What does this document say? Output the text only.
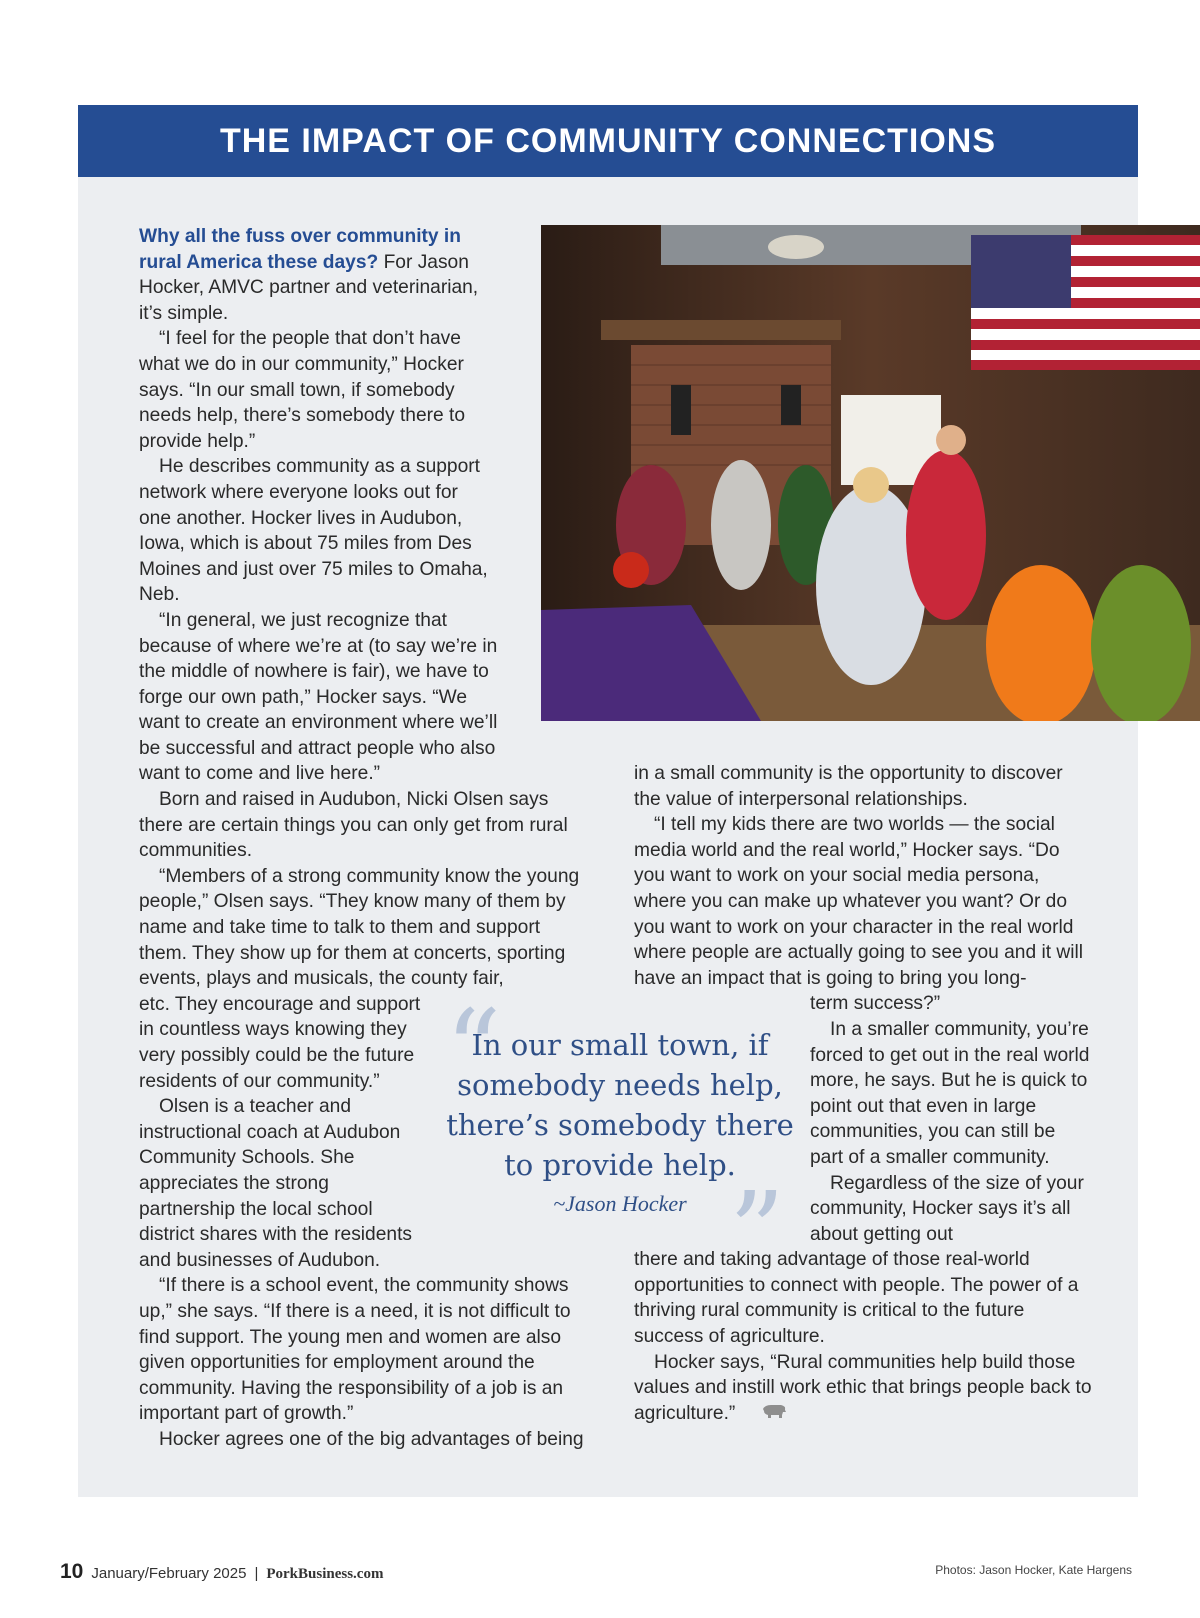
THE IMPACT OF COMMUNITY CONNECTIONS

Why all the fuss over community in rural America these days? For Jason Hocker, AMVC partner and veterinarian, it’s simple.

“I feel for the people that don’t have what we do in our community,” Hocker says. “In our small town, if somebody needs help, there’s somebody there to provide help.”

He describes community as a support network where everyone looks out for one another. Hocker lives in Audubon, Iowa, which is about 75 miles from Des Moines and just over 75 miles to Omaha, Neb.

“In general, we just recognize that because of where we’re at (to say we’re in the middle of nowhere is fair), we have to forge our own path,” Hocker says. “We want to create an environment where we’ll be successful and attract people who also want to come and live here.”

Born and raised in Audubon, Nicki Olsen says there are certain things you can only get from rural communities.

“Members of a strong community know the young people,” Olsen says. “They know many of them by name and take time to talk to them and support them. They show up for them at concerts, sporting events, plays and musicals, the county fair,

etc. They encourage and support in countless ways knowing they very possibly could be the future residents of our community.”

Olsen is a teacher and instructional coach at Audubon Community Schools. She appreciates the strong partnership the local school district shares with the residents and businesses of Audubon.

“If there is a school event, the community shows up,” she says. “If there is a need, it is not difficult to find support. The young men and women are also given opportunities for employment around the community. Having the responsibility of a job is an important part of growth.”

Hocker agrees one of the big advantages of being

in a small community is the opportunity to discover the value of interpersonal relationships.

“I tell my kids there are two worlds — the social media world and the real world,” Hocker says. “Do you want to work on your social media persona, where you can make up whatever you want? Or do you want to work on your character in the real world where people are actually going to see you and it will have an impact that is going to bring you long-

term success?”

In a smaller community, you’re forced to get out in the real world more, he says. But he is quick to point out that even in large communities, you can still be part of a smaller community.

Regardless of the size of your community, Hocker says it’s all about getting out

there and taking advantage of those real-world opportunities to connect with people. The power of a thriving rural community is critical to the future success of agriculture.

Hocker says, “Rural communities help build those values and instill work ethic that brings people back to agriculture.”

“
In our small town, if somebody needs help, there’s somebody there to provide help.
~Jason Hocker ”
10 January/February 2025 | PorkBusiness.com	Photos: Jason Hocker, Kate Hargens
